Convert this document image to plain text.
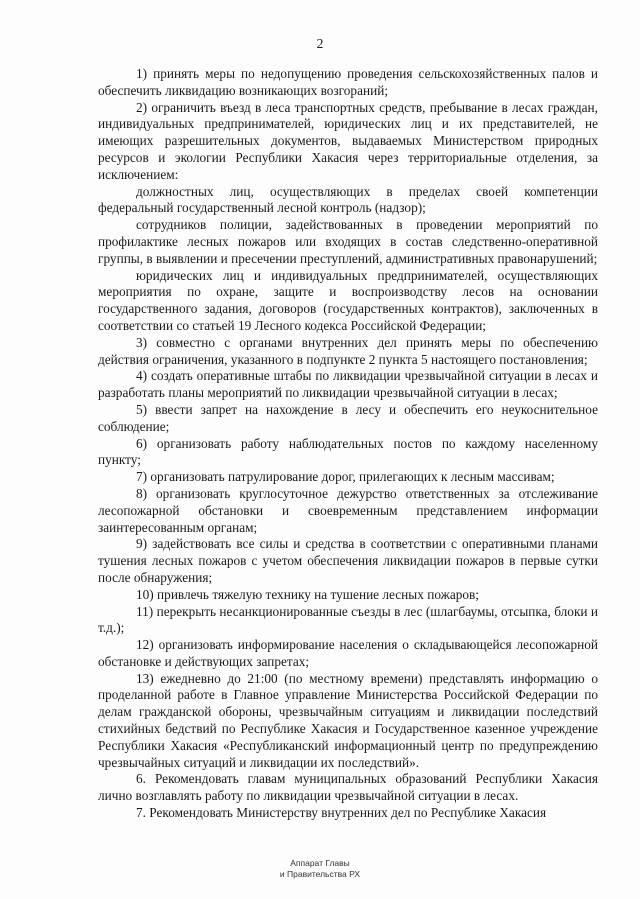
2

1) принять меры по недопущению проведения сельскохозяйственных палов и обеспечить ликвидацию возникающих возгораний;

2) ограничить въезд в леса транспортных средств, пребывание в лесах граждан, индивидуальных предпринимателей, юридических лиц и их представителей, не имеющих разрешительных документов, выдаваемых Министерством природных ресурсов и экологии Республики Хакасия через территориальные отделения, за исключением:

должностных лиц, осуществляющих в пределах своей компетенции федеральный государственный лесной контроль (надзор);

сотрудников полиции, задействованных в проведении мероприятий по профилактике лесных пожаров или входящих в состав следственно-оперативной группы, в выявлении и пресечении преступлений, административных правонарушений;

юридических лиц и индивидуальных предпринимателей, осуществляющих мероприятия по охране, защите и воспроизводству лесов на основании государственного задания, договоров (государственных контрактов), заключенных в соответствии со статьей 19 Лесного кодекса Российской Федерации;

3) совместно с органами внутренних дел принять меры по обеспечению действия ограничения, указанного в подпункте 2 пункта 5 настоящего постановления;

4) создать оперативные штабы по ликвидации чрезвычайной ситуации в лесах и разработать планы мероприятий по ликвидации чрезвычайной ситуации в лесах;

5) ввести запрет на нахождение в лесу и обеспечить его неукоснительное соблюдение;

6) организовать работу наблюдательных постов по каждому населенному пункту;

7) организовать патрулирование дорог, прилегающих к лесным массивам;

8) организовать круглосуточное дежурство ответственных за отслеживание лесопожарной обстановки и своевременным представлением информации заинтересованным органам;

9) задействовать все силы и средства в соответствии с оперативными планами тушения лесных пожаров с учетом обеспечения ликвидации пожаров в первые сутки после обнаружения;

10) привлечь тяжелую технику на тушение лесных пожаров;

11) перекрыть несанкционированные съезды в лес (шлагбаумы, отсыпка, блоки и т.д.);

12) организовать информирование населения о складывающейся лесопожарной обстановке и действующих запретах;

13) ежедневно до 21:00 (по местному времени) представлять информацию о проделанной работе в Главное управление Министерства Российской Федерации по делам гражданской обороны, чрезвычайным ситуациям и ликвидации последствий стихийных бедствий по Республике Хакасия и Государственное казенное учреждение Республики Хакасия «Республиканский информационный центр по предупреждению чрезвычайных ситуаций и ликвидации их последствий».

6. Рекомендовать главам муниципальных образований Республики Хакасия лично возглавлять работу по ликвидации чрезвычайной ситуации в лесах.

7. Рекомендовать Министерству внутренних дел по Республике Хакасия

Аппарат Главы
и Правительства РХ
